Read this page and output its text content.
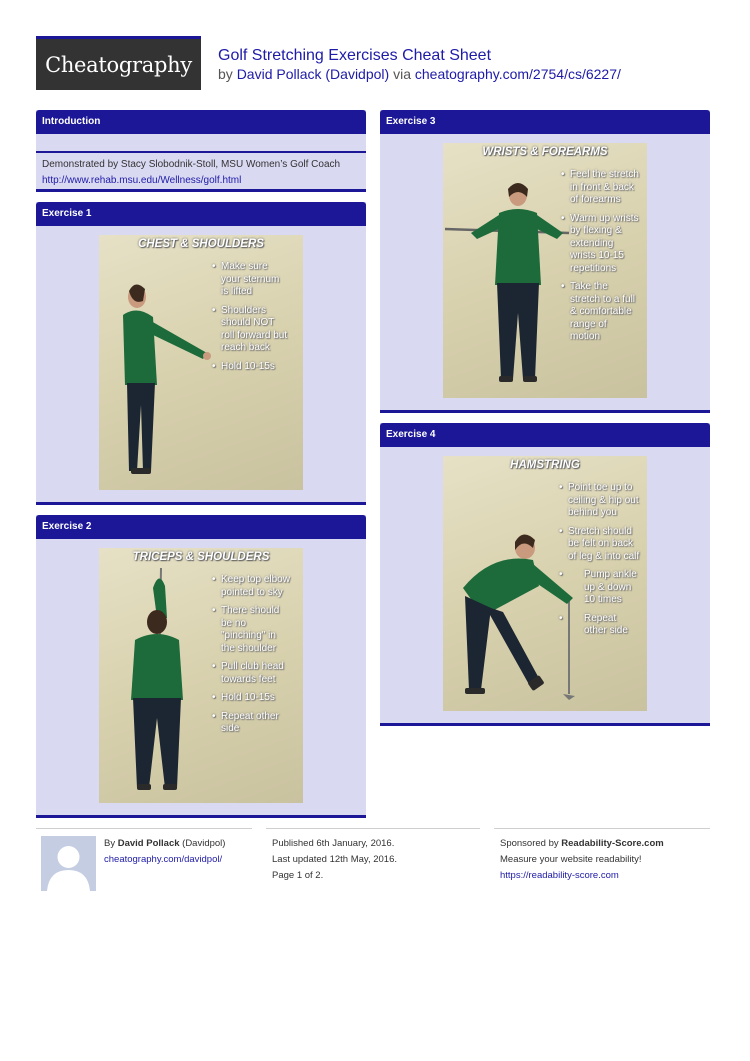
Cheatography Golf Stretching Exercises Cheat Sheet
by David Pollack (Davidpol) via cheatography.com/2754/cs/6227/
Introduction
Demonstrated by Stacy Slobodnik-Stoll, MSU Women’s Golf Coach
http://www.rehab.msu.edu/Wellness/golf.html
Exercise 1
CHEST & SHOULDERS
• Make sure your sternum is lifted
• Shoulders should NOT roll forward but reach back
• Hold 10-15s
Exercise 2
TRICEPS & SHOULDERS
• Keep top elbow pointed to sky
• There should be no "pinching" in the shoulder
• Pull club head towards feet
• Hold 10-15s
• Repeat other side
Exercise 3
WRISTS & FOREARMS
• Feel the stretch in front & back of forearms
• Warm up wrists by flexing & extending wrists 10-15 repetitions
• Take the stretch to a full & comfortable range of motion
Exercise 4
HAMSTRING
• Point toe up to ceiling & hip out behind you
• Stretch should be felt on back of leg & into calf
• Pump ankle up & down 10 times
• Repeat other side
By David Pollack (Davidpol)
cheatography.com/davidpol/
Published 6th January, 2016.
Last updated 12th May, 2016.
Page 1 of 2.
Sponsored by Readability-Score.com
Measure your website readability!
https://readability-score.com
